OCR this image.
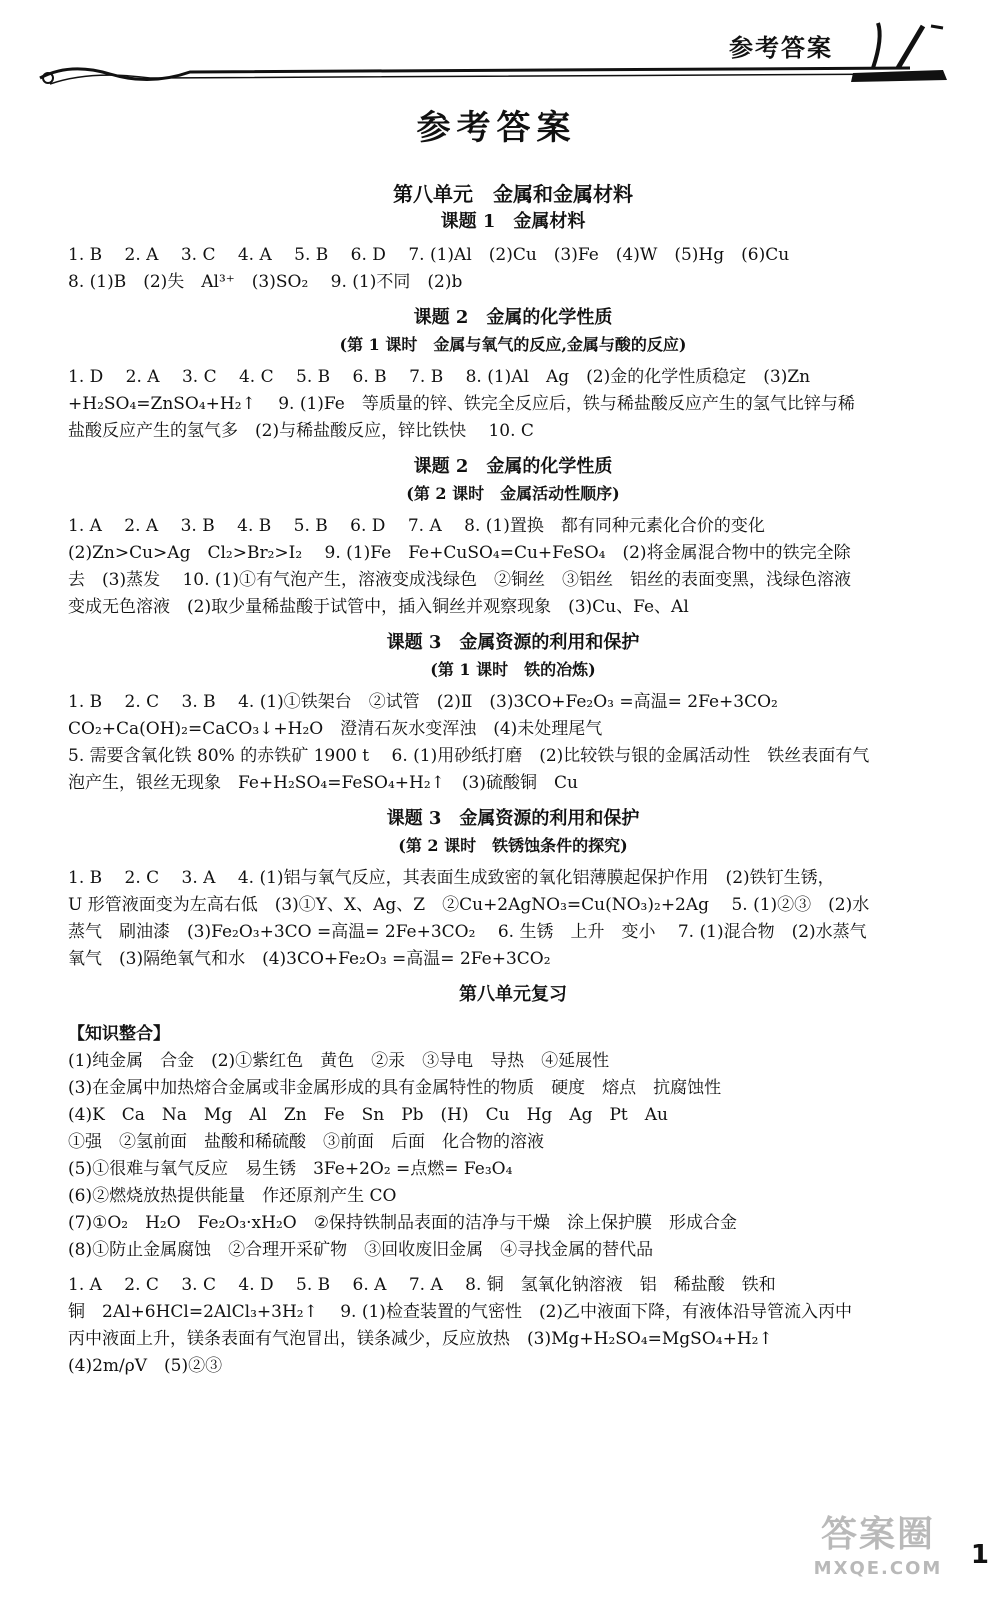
参考答案
参考答案
第八单元　金属和金属材料
课题 1　金属材料

1. B　 2. A　 3. C　 4. A　 5. B　 6. D　 7. (1)Al　(2)Cu　(3)Fe　(4)W　(5)Hg　(6)Cu

8. (1)B　(2)失　Al³⁺　(3)SO₂　 9. (1)不同　(2)b

课题 2　金属的化学性质
(第 1 课时　金属与氧气的反应,金属与酸的反应)

1. D　 2. A　 3. C　 4. C　 5. B　 6. B　 7. B　 8. (1)Al　Ag　(2)金的化学性质稳定　(3)Zn

+H₂SO₄=ZnSO₄+H₂↑　 9. (1)Fe　等质量的锌、铁完全反应后，铁与稀盐酸反应产生的氢气比锌与稀

盐酸反应产生的氢气多　(2)与稀盐酸反应，锌比铁快　 10. C

课题 2　金属的化学性质
(第 2 课时　金属活动性顺序)

1. A　 2. A　 3. B　 4. B　 5. B　 6. D　 7. A　 8. (1)置换　都有同种元素化合价的变化

(2)Zn>Cu>Ag　Cl₂>Br₂>I₂　 9. (1)Fe　Fe+CuSO₄=Cu+FeSO₄　(2)将金属混合物中的铁完全除

去　(3)蒸发　 10. (1)①有气泡产生，溶液变成浅绿色　②铜丝　③铝丝　铝丝的表面变黑，浅绿色溶液

变成无色溶液　(2)取少量稀盐酸于试管中，插入铜丝并观察现象　(3)Cu、Fe、Al

课题 3　金属资源的利用和保护
(第 1 课时　铁的冶炼)

1. B　 2. C　 3. B　 4. (1)①铁架台　②试管　(2)Ⅱ　(3)3CO+Fe₂O₃ =高温= 2Fe+3CO₂

CO₂+Ca(OH)₂=CaCO₃↓+H₂O　澄清石灰水变浑浊　(4)未处理尾气

5. 需要含氧化铁 80% 的赤铁矿 1900 t　 6. (1)用砂纸打磨　(2)比较铁与银的金属活动性　铁丝表面有气

泡产生，银丝无现象　Fe+H₂SO₄=FeSO₄+H₂↑　(3)硫酸铜　Cu

课题 3　金属资源的利用和保护
(第 2 课时　铁锈蚀条件的探究)

1. B　 2. C　 3. A　 4. (1)铝与氧气反应，其表面生成致密的氧化铝薄膜起保护作用　(2)铁钉生锈，

U 形管液面变为左高右低　(3)①Y、X、Ag、Z　②Cu+2AgNO₃=Cu(NO₃)₂+2Ag　 5. (1)②③　(2)水

蒸气　刷油漆　(3)Fe₂O₃+3CO =高温= 2Fe+3CO₂　 6. 生锈　上升　变小　 7. (1)混合物　(2)水蒸气

氧气　(3)隔绝氧气和水　(4)3CO+Fe₂O₃ =高温= 2Fe+3CO₂

第八单元复习
【知识整合】

(1)纯金属　合金　(2)①紫红色　黄色　②汞　③导电　导热　④延展性

(3)在金属中加热熔合金属或非金属形成的具有金属特性的物质　硬度　熔点　抗腐蚀性

(4)K　Ca　Na　Mg　Al　Zn　Fe　Sn　Pb　(H)　Cu　Hg　Ag　Pt　Au

①强　②氢前面　盐酸和稀硫酸　③前面　后面　化合物的溶液

(5)①很难与氧气反应　易生锈　3Fe+2O₂ =点燃= Fe₃O₄

(6)②燃烧放热提供能量　作还原剂产生 CO

(7)①O₂　H₂O　Fe₂O₃·xH₂O　②保持铁制品表面的洁净与干燥　涂上保护膜　形成合金

(8)①防止金属腐蚀　②合理开采矿物　③回收废旧金属　④寻找金属的替代品

1. A　 2. C　 3. C　 4. D　 5. B　 6. A　 7. A　 8. 铜　氢氧化钠溶液　铝　稀盐酸　铁和

铜　2Al+6HCl=2AlCl₃+3H₂↑　 9. (1)检查装置的气密性　(2)乙中液面下降，有液体沿导管流入丙中

丙中液面上升，镁条表面有气泡冒出，镁条减少，反应放热　(3)Mg+H₂SO₄=MgSO₄+H₂↑

(4)2m/ρV　(5)②③

答案圈
MXQE.COM	1
